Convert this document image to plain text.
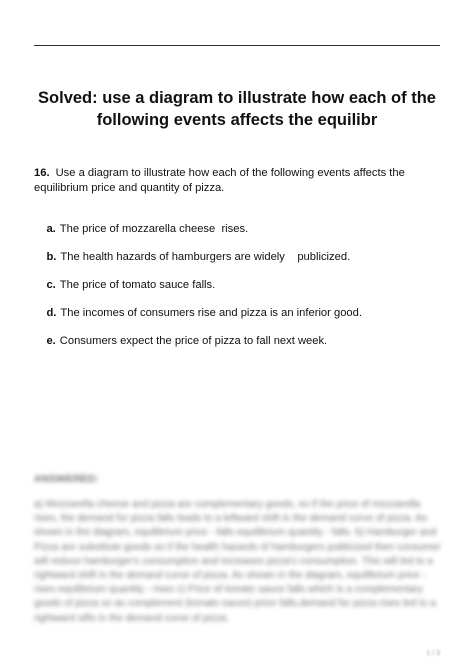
Solved: use a diagram to illustrate how each of the following events affects the equilibr
16. Use a diagram to illustrate how each of the following events affects the equilibrium price and quantity of pizza.

a. The price of mozzarella cheese  rises.

b. The health hazards of hamburgers are widely    publicized.

c. The price of tomato sauce falls.

d. The incomes of consumers rise and pizza is an inferior good.

e. Consumers expect the price of pizza to fall next week.

ANSWERED:
a) Mozzarella cheese and pizza are complementary goods, so if the price of mozzarella rises, the demand for pizza falls leads to a leftward shift in the demand curve of pizza. As shown in the diagram, equilibrium price - falls equilibrium quantity - falls. b) Hamburger and Pizza are substitute goods so if the health hazards of hamburgers publicized then consumer will reduce hamburger's consumption and increases pizza's consumption. This will led to a rightward shift in the demand curve of pizza. As shown in the diagram, equilibrium price - rises equilibrium quantity - rises c) Price of tomato sauce falls which is a complementary goods of pizza so as complement (tomato sauce) price falls,demand for pizza rises led to a rightward sifts in the demand curve of pizza.
1 / 3
